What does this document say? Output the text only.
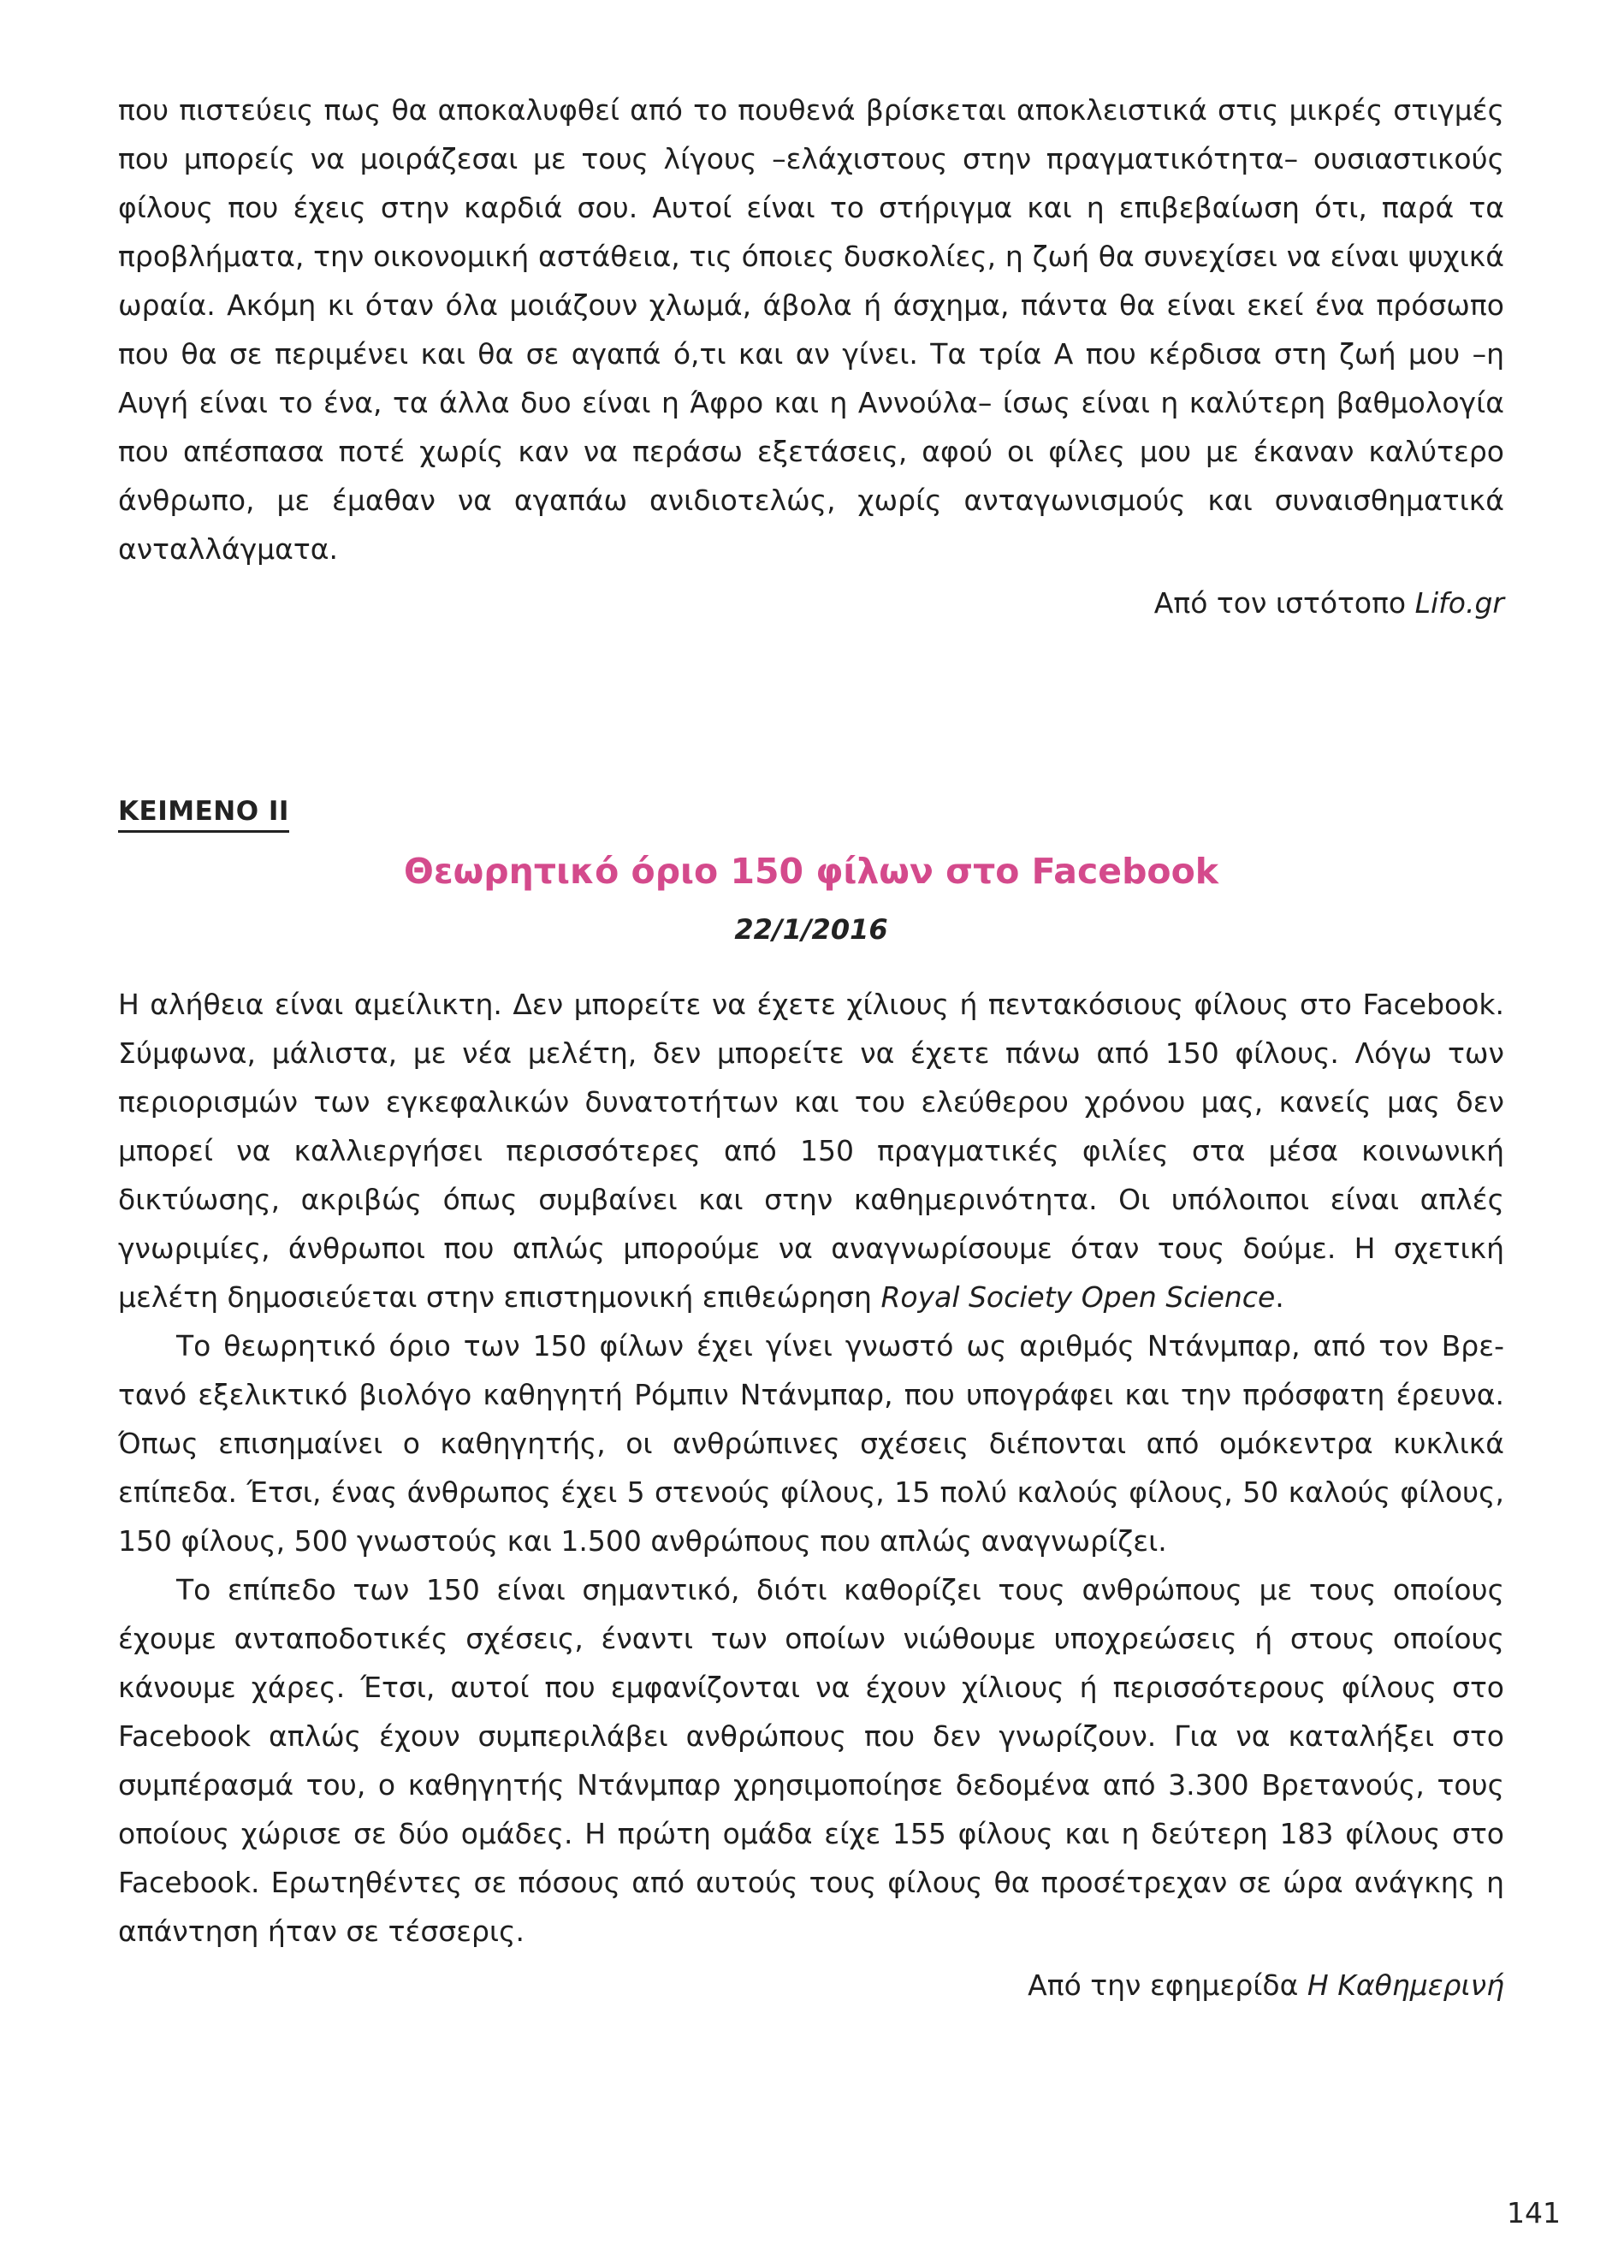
που πιστεύεις πως θα αποκαλυφθεί από το πουθενά βρίσκεται αποκλειστικά στις μικρές στιγμές που μπορείς να μοιράζεσαι με τους λίγους –ελάχιστους στην πραγματικότητα– ουσιαστικούς φίλους που έχεις στην καρδιά σου. Αυτοί είναι το στήριγμα και η επιβεβαίωση ότι, παρά τα προβλήματα, την οικονομική αστάθεια, τις όποιες δυσκολίες, η ζωή θα συνεχίσει να είναι ψυχικά ωραία. Ακόμη κι όταν όλα μοιάζουν χλωμά, άβολα ή άσχημα, πάντα θα είναι εκεί ένα πρόσωπο που θα σε περιμένει και θα σε αγαπά ό,τι και αν γίνει. Τα τρία Α που κέρδισα στη ζωή μου –η Αυγή είναι το ένα, τα άλλα δυο είναι η Άφρο και η Αννούλα– ίσως είναι η καλύτερη βαθμολογία που απέσπασα ποτέ χωρίς καν να περάσω εξετάσεις, αφού οι φίλες μου με έκαναν καλύτερο άνθρωπο, με έμαθαν να αγαπάω ανιδιοτελώς, χωρίς ανταγωνισμούς και συναισθηματικά ανταλλάγματα.

Από τον ιστότοπο Lifo.gr

ΚΕΙΜΕΝΟ ΙΙ
Θεωρητικό όριο 150 φίλων στο Facebook
22/1/2016

Η αλήθεια είναι αμείλικτη. Δεν μπορείτε να έχετε χίλιους ή πεντακόσιους φίλους στο Facebook. Σύμφωνα, μάλιστα, με νέα μελέτη, δεν μπορείτε να έχετε πάνω από 150 φίλους. Λόγω των περιορισμών των εγκεφαλικών δυνατοτήτων και του ελεύθερου χρόνου μας, κανείς μας δεν μπορεί να καλλιεργήσει περισσότερες από 150 πραγματικές φιλίες στα μέσα κοινωνική δικτύωσης, ακριβώς όπως συμβαίνει και στην καθημερινότητα. Οι υπόλοιποι είναι απλές γνωριμίες, άνθρωποι που απλώς μπορούμε να αναγνωρίσουμε όταν τους δούμε. Η σχετική μελέτη δημοσιεύεται στην επιστημονική επιθεώρηση Royal Society Open Science.

Το θεωρητικό όριο των 150 φίλων έχει γίνει γνωστό ως αριθμός Ντάνμπαρ, από τον Βρετανό εξελικτικό βιολόγο καθηγητή Ρόμπιν Ντάνμπαρ, που υπογράφει και την πρόσφατη έρευνα. Όπως επισημαίνει ο καθηγητής, οι ανθρώπινες σχέσεις διέπονται από ομόκεντρα κυκλικά επίπεδα. Έτσι, ένας άνθρωπος έχει 5 στενούς φίλους, 15 πολύ καλούς φίλους, 50 καλούς φίλους, 150 φίλους, 500 γνωστούς και 1.500 ανθρώπους που απλώς αναγνωρίζει.

Το επίπεδο των 150 είναι σημαντικό, διότι καθορίζει τους ανθρώπους με τους οποίους έχουμε ανταποδοτικές σχέσεις, έναντι των οποίων νιώθουμε υποχρεώσεις ή στους οποίους κάνουμε χάρες. Έτσι, αυτοί που εμφανίζονται να έχουν χίλιους ή περισσότερους φίλους στο Facebook απλώς έχουν συμπεριλάβει ανθρώπους που δεν γνωρίζουν. Για να καταλήξει στο συμπέρασμά του, ο καθηγητής Ντάνμπαρ χρησιμοποίησε δεδομένα από 3.300 Βρετανούς, τους οποίους χώρισε σε δύο ομάδες. Η πρώτη ομάδα είχε 155 φίλους και η δεύτερη 183 φίλους στο Facebook. Ερωτηθέντες σε πόσους από αυτούς τους φίλους θα προσέτρεχαν σε ώρα ανάγκης η απάντηση ήταν σε τέσσερις.

Από την εφημερίδα Η Καθημερινή

141
